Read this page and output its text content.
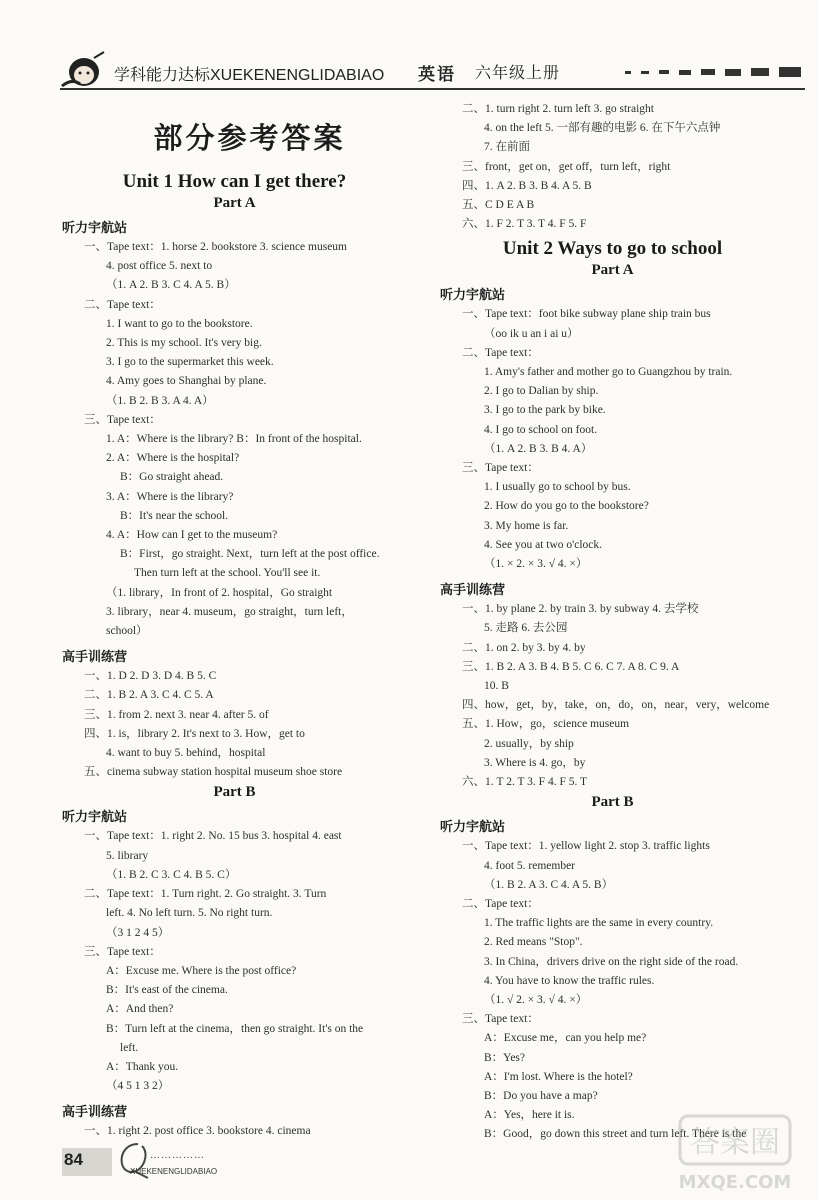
学科能力达标XUEKENENGLIDABIAO 英语 六年级上册
部分参考答案
Unit 1 How can I get there?
Part A
听力宇航站
一、Tape text：1. horse 2. bookstore 3. science museum
4. post office 5. next to
（1. A 2. B 3. C 4. A 5. B）
二、Tape text：
1. I want to go to the bookstore.
2. This is my school. It's very big.
3. I go to the supermarket this week.
4. Amy goes to Shanghai by plane.
（1. B 2. B 3. A 4. A）
三、Tape text：
1. A：Where is the library? B：In front of the hospital.
2. A：Where is the hospital?
B：Go straight ahead.
3. A：Where is the library?
B：It's near the school.
4. A：How can I get to the museum?
B：First，go straight. Next，turn left at the post office.
Then turn left at the school. You'll see it.
（1. library，In front of 2. hospital，Go straight
3. library，near 4. museum，go straight，turn left，
school）
高手训练营
一、1. D 2. D 3. D 4. B 5. C
二、1. B 2. A 3. C 4. C 5. A
三、1. from 2. next 3. near 4. after 5. of
四、1. is，library 2. It's next to 3. How，get to
4. want to buy 5. behind，hospital
五、cinema subway station hospital museum shoe store
Part B
听力宇航站
一、Tape text：1. right 2. No. 15 bus 3. hospital 4. east
5. library
（1. B 2. C 3. C 4. B 5. C）
二、Tape text：1. Turn right. 2. Go straight. 3. Turn
left. 4. No left turn. 5. No right turn.
（3 1 2 4 5）
三、Tape text：
A：Excuse me. Where is the post office?
B：It's east of the cinema.
A：And then?
B：Turn left at the cinema，then go straight. It's on the
left.
A：Thank you.
（4 5 1 3 2）
高手训练营
一、1. right 2. post office 3. bookstore 4. cinema
二、1. turn right 2. turn left 3. go straight
4. on the left 5. 一部有趣的电影 6. 在下午六点钟
7. 在前面
三、front，get on，get off，turn left，right
四、1. A 2. B 3. B 4. A 5. B
五、C D E A B
六、1. F 2. T 3. T 4. F 5. F
Unit 2 Ways to go to school
Part A
听力宇航站
一、Tape text：foot bike subway plane ship train bus
（oo ik u an i ai u）
二、Tape text：
1. Amy's father and mother go to Guangzhou by train.
2. I go to Dalian by ship.
3. I go to the park by bike.
4. I go to school on foot.
（1. A 2. B 3. B 4. A）
三、Tape text：
1. I usually go to school by bus.
2. How do you go to the bookstore?
3. My home is far.
4. See you at two o'clock.
（1. × 2. × 3. √ 4. ×）
高手训练营
一、1. by plane 2. by train 3. by subway 4. 去学校
5. 走路 6. 去公园
二、1. on 2. by 3. by 4. by
三、1. B 2. A 3. B 4. B 5. C 6. C 7. A 8. C 9. A
10. B
四、how，get，by，take，on，do，on，near，very，welcome
五、1. How，go，science museum
2. usually，by ship
3. Where is 4. go，by
六、1. T 2. T 3. F 4. F 5. T
Part B
听力宇航站
一、Tape text：1. yellow light 2. stop 3. traffic lights
4. foot 5. remember
（1. B 2. A 3. C 4. A 5. B）
二、Tape text：
1. The traffic lights are the same in every country.
2. Red means "Stop".
3. In China，drivers drive on the right side of the road.
4. You have to know the traffic rules.
（1. √ 2. × 3. √ 4. ×）
三、Tape text：
A：Excuse me，can you help me?
B：Yes?
A：I'm lost. Where is the hotel?
B：Do you have a map?
A：Yes，here it is.
B：Good，go down this street and turn left. There is the
84	……………
XUEKENENGLIDABIAO
答案圈
MXQE.COM
